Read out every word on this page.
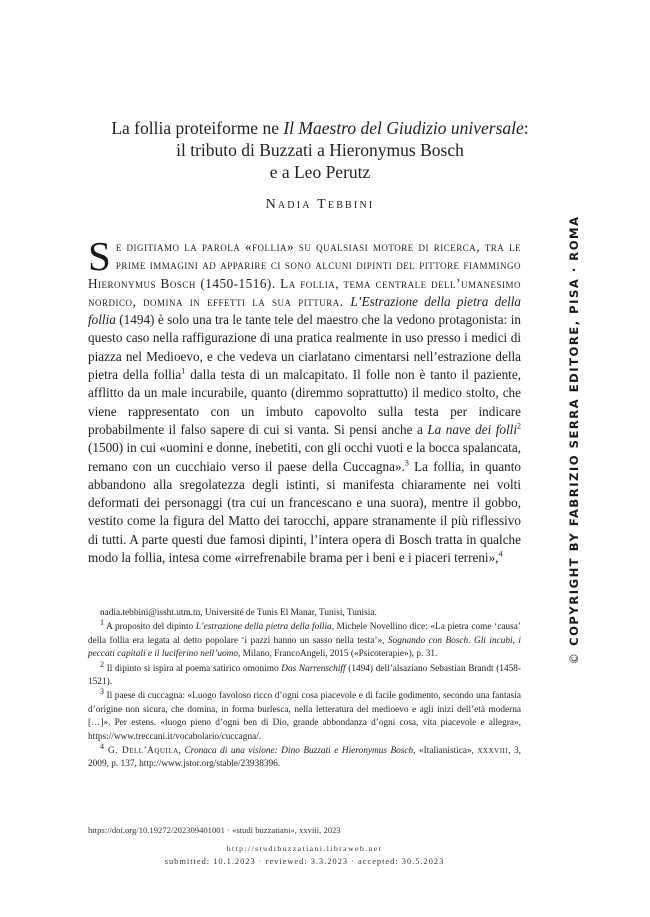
La follia proteiforme ne Il Maestro del Giudizio universale:
il tributo di Buzzati a Hieronymus Bosch
e a Leo Perutz
Nadia Tebbini

Se digitiamo la parola «follia» su qualsiasi motore di ricerca, tra le prime immagini ad apparire ci sono alcuni dipinti del pittore fiammingo Hieronymus Bosch (1450-1516). La follia, tema centrale dell’umanesimo nordico, domina in effetti la sua pittura. L’Estrazione della pietra della follia (1494) è solo una tra le tante tele del maestro che la vedono protagonista: in questo caso nella raffigurazione di una pratica realmente in uso presso i medici di piazza nel Medioevo, e che vedeva un ciarlatano cimentarsi nell’estrazione della pietra della follia$^1$ dalla testa di un malcapitato. Il folle non è tanto il paziente, afflitto da un male incurabile, quanto (diremmo soprattutto) il medico stolto, che viene rappresentato con un imbuto capovolto sulla testa per indicare probabilmente il falso sapere di cui si vanta. Si pensi anche a La nave dei folli$^2$ (1500) in cui «uomini e donne, inebetiti, con gli occhi vuoti e la bocca spalancata, remano con un cucchiaio verso il paese della Cuccagna».$^3$ La follia, in quanto abbandono alla sregolatezza degli istinti, si manifesta chiaramente nei volti deformati dei personaggi (tra cui un francescano e una suora), mentre il gobbo, vestito come la figura del Matto dei tarocchi, appare stranamente il più riflessivo di tutti. A parte questi due famosi dipinti, l’intera opera di Bosch tratta in qualche modo la follia, intesa come «irrefrenabile brama per i beni e i piaceri terreni»,$^4$

nadia.tebbini@issht.utm.tn, Université de Tunis El Manar, Tunisi, Tunisia.

$^1$ A proposito del dipinto L’estrazione della pietra della follia, Michele Novellino dice: «La pietra come ‘causa’ della follia era legata al detto popolare ‘i pazzi hanno un sasso nella testa’», Sognando con Bosch. Gli incubi, i peccati capitali e il luciferino nell’uomo, Milano, FrancoAngeli, 2015 («Psicoterapie»), p. 31.

$^2$ Il dipinto si ispira al poema satirico omonimo Das Narrenschiff (1494) dell’alsaziano Sebastian Brandt (1458-1521).

$^3$ Il paese di cuccagna: «Luogo favoloso ricco d’ogni cosa piacevole e di facile godimento, secondo una fantasia d’origine non sicura, che domina, in forma burlesca, nella letteratura del medioevo e agli inizi dell’età moderna […]». Per estens. «luogo pieno d’ogni ben di Dio, grande abbondanza d’ogni cosa, vita piacevole e allegra», https://www.treccani.it/vocabolario/cuccagna/.

$^4$ G. Dell’Aquila, Cronaca di una visione: Dino Buzzati e Hieronymus Bosch, «Italianistica», xxxviii, 3, 2009, p. 137, http://www.jstor.org/stable/23938396.

https://doi.org/10.19272/202309401001 · «studi buzzatiani», xxviii, 2023
http://studibuzzatiani.libraweb.net
submitted: 10.1.2023 · reviewed: 3.3.2023 · accepted: 30.5.2023
© COPYRIGHT BY FABRIZIO SERRA EDITORE, PISA · ROMA
